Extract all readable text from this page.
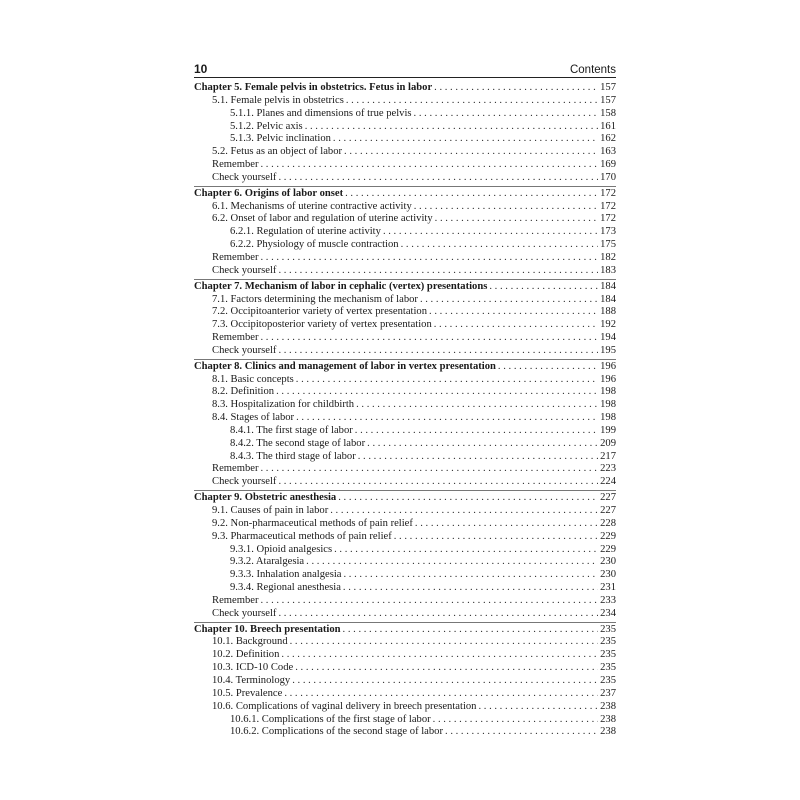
10	Contents
Chapter 5. Female pelvis in obstetrics. Fetus in labor . . .	157
5.1. Female pelvis in obstetrics . . .	157
5.1.1. Planes and dimensions of true pelvis . . .	158
5.1.2. Pelvic axis . . .	161
5.1.3. Pelvic inclination . . .	162
5.2. Fetus as an object of labor . . .	163
Remember . . .	169
Check yourself . . .	170
Chapter 6. Origins of labor onset . . .	172
6.1. Mechanisms of uterine contractive activity . . .	172
6.2. Onset of labor and regulation of uterine activity . . .	172
6.2.1. Regulation of uterine activity . . .	173
6.2.2. Physiology of muscle contraction . . .	175
Remember . . .	182
Check yourself . . .	183
Chapter 7. Mechanism of labor in cephalic (vertex) presentations . . .	184
7.1. Factors determining the mechanism of labor . . .	184
7.2. Occipitoanterior variety of vertex presentation . . .	188
7.3. Occipitoposterior variety of vertex presentation . . .	192
Remember . . .	194
Check yourself . . .	195
Chapter 8. Clinics and management of labor in vertex presentation . . .	196
8.1. Basic concepts . . .	196
8.2. Definition . . .	198
8.3. Hospitalization for childbirth . . .	198
8.4. Stages of labor . . .	198
8.4.1. The first stage of labor . . .	199
8.4.2. The second stage of labor . . .	209
8.4.3. The third stage of labor . . .	217
Remember . . .	223
Check yourself . . .	224
Chapter 9. Obstetric anesthesia . . .	227
9.1. Causes of pain in labor . . .	227
9.2. Non-pharmaceutical methods of pain relief . . .	228
9.3. Pharmaceutical methods of pain relief . . .	229
9.3.1. Opioid analgesics . . .	229
9.3.2. Ataralgesia . . .	230
9.3.3. Inhalation analgesia . . .	230
9.3.4. Regional anesthesia . . .	231
Remember . . .	233
Check yourself . . .	234
Chapter 10. Breech presentation . . .	235
10.1. Background . . .	235
10.2. Definition . . .	235
10.3. ICD-10 Code . . .	235
10.4. Terminology . . .	235
10.5. Prevalence . . .	237
10.6. Complications of vaginal delivery in breech presentation . . .	238
10.6.1. Complications of the first stage of labor . . .	238
10.6.2. Complications of the second stage of labor . . .	238
